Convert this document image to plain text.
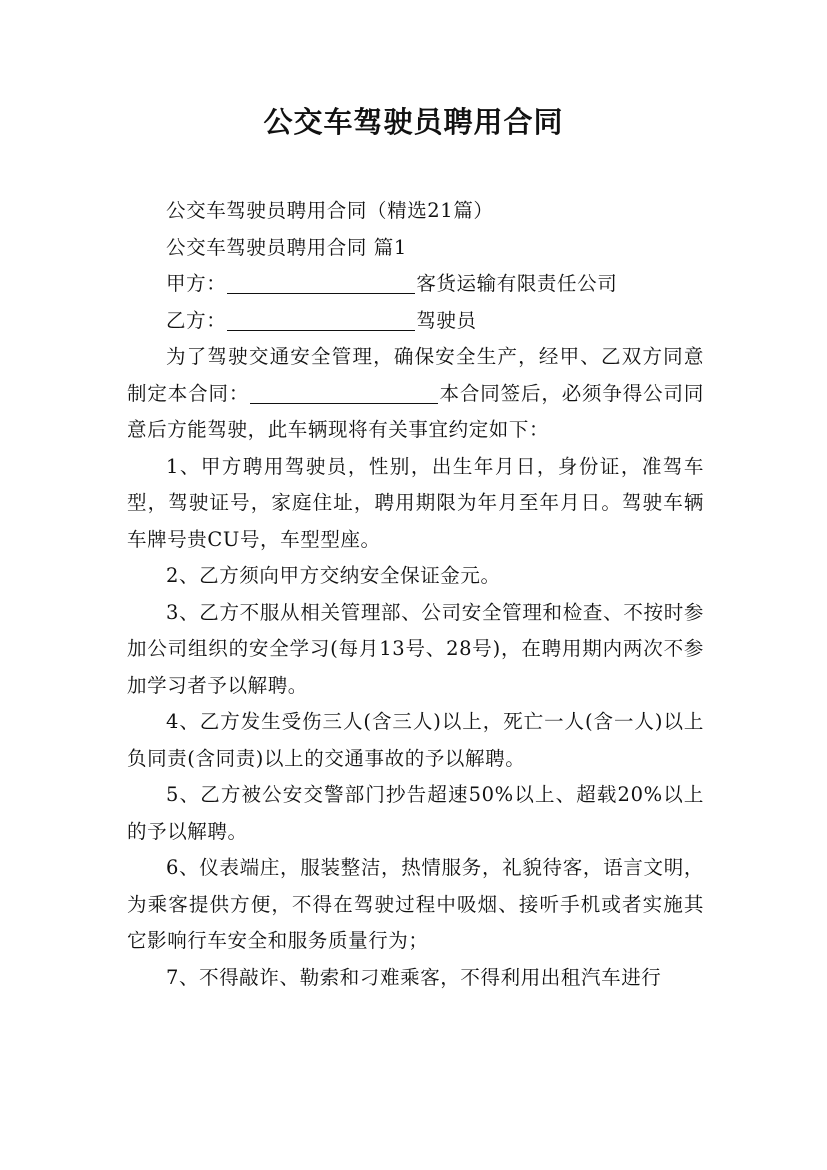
公交车驾驶员聘用合同

公交车驾驶员聘用合同（精选21篇）

公交车驾驶员聘用合同 篇1

甲方：	客货运输有限责任公司

乙方：	驾驶员

为了驾驶交通安全管理，确保安全生产，经甲、乙双方同意制定本合同：	本合同签后，必须争得公司同意后方能驾驶，此车辆现将有关事宜约定如下：

1、甲方聘用驾驶员，性别，出生年月日，身份证，准驾车型，驾驶证号，家庭住址，聘用期限为年月至年月日。驾驶车辆车牌号贵CU号，车型型座。

2、乙方须向甲方交纳安全保证金元。

3、乙方不服从相关管理部、公司安全管理和检查、不按时参加公司组织的安全学习(每月13号、28号)，在聘用期内两次不参加学习者予以解聘。

4、乙方发生受伤三人(含三人)以上，死亡一人(含一人)以上负同责(含同责)以上的交通事故的予以解聘。

5、乙方被公安交警部门抄告超速50%以上、超载20%以上的予以解聘。

6、仪表端庄，服装整洁，热情服务，礼貌待客，语言文明，为乘客提供方便，不得在驾驶过程中吸烟、接听手机或者实施其它影响行车安全和服务质量行为；

7、不得敲诈、勒索和刁难乘客，不得利用出租汽车进行
